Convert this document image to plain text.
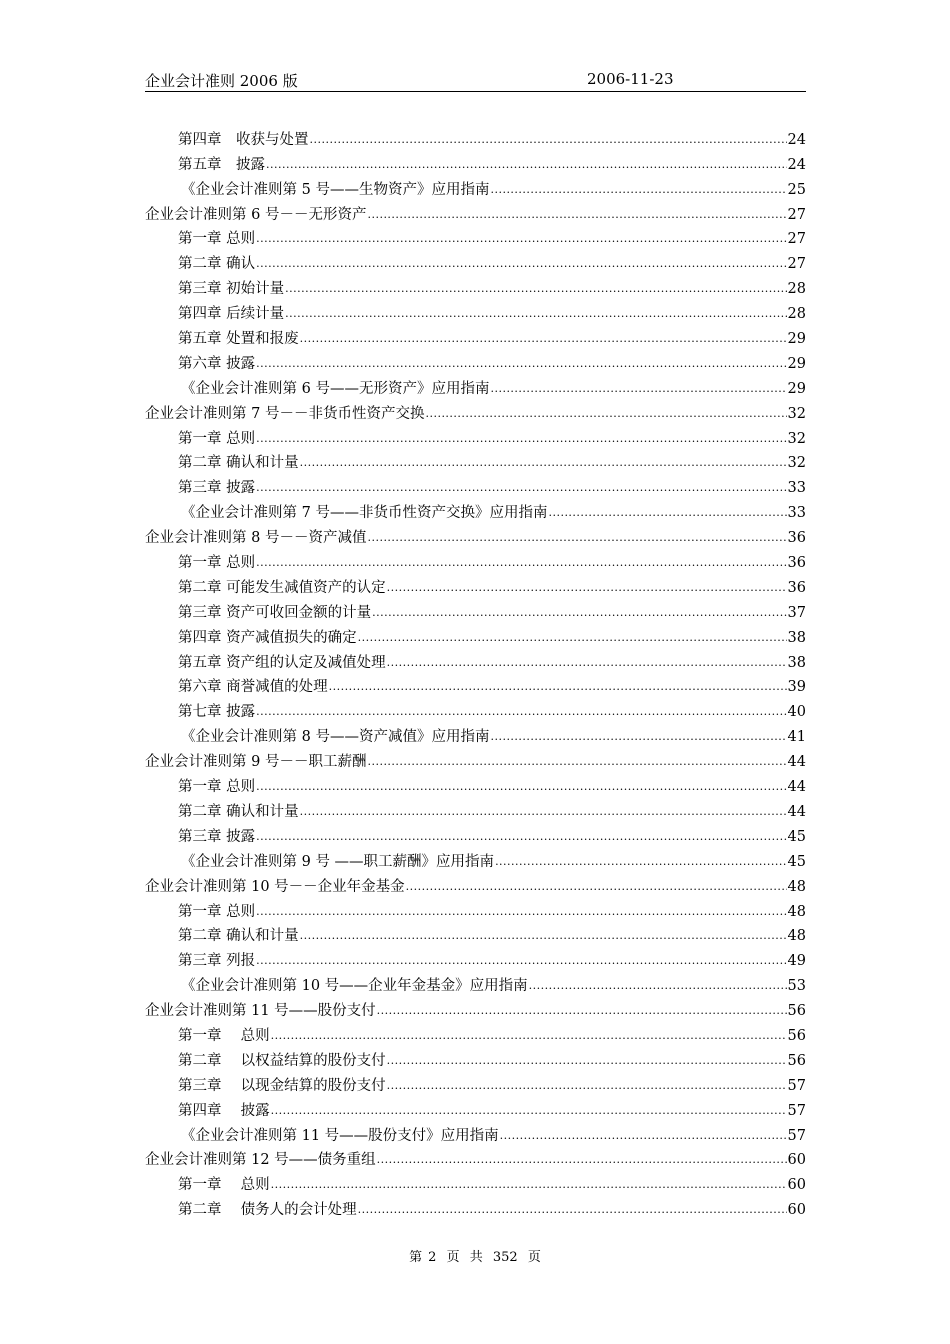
企业会计准则 2006 版	2006-11-23
第四章　收获与处置 .....	24
第五章　披露 .....	24
《企业会计准则第 5 号——生物资产》应用指南 .....	25
企业会计准则第 6 号－－无形资产 .....	27
第一章 总则 .....	27
第二章 确认 .....	27
第三章 初始计量 .....	28
第四章 后续计量 .....	28
第五章 处置和报废 .....	29
第六章 披露 .....	29
《企业会计准则第 6 号——无形资产》应用指南 .....	29
企业会计准则第 7 号－－非货币性资产交换 .....	32
第一章 总则 .....	32
第二章 确认和计量 .....	32
第三章 披露 .....	33
《企业会计准则第 7 号——非货币性资产交换》应用指南 .....	33
企业会计准则第 8 号－－资产减值 .....	36
第一章 总则 .....	36
第二章 可能发生减值资产的认定 .....	36
第三章 资产可收回金额的计量 .....	37
第四章 资产减值损失的确定 .....	38
第五章 资产组的认定及减值处理 .....	38
第六章 商誉减值的处理 .....	39
第七章 披露 .....	40
《企业会计准则第 8 号——资产减值》应用指南 .....	41
企业会计准则第 9 号－－职工薪酬 .....	44
第一章 总则 .....	44
第二章 确认和计量 .....	44
第三章 披露 .....	45
《企业会计准则第 9 号 ——职工薪酬》应用指南 .....	45
企业会计准则第 10 号－－企业年金基金 .....	48
第一章 总则 .....	48
第二章 确认和计量 .....	48
第三章 列报 .....	49
《企业会计准则第 10 号——企业年金基金》应用指南 .....	53
企业会计准则第 11 号——股份支付 .....	56
第一章　 总则 .....	56
第二章　 以权益结算的股份支付 .....	56
第三章　 以现金结算的股份支付 .....	57
第四章　 披露 .....	57
《企业会计准则第 11 号——股份支付》应用指南 .....	57
企业会计准则第 12 号——债务重组 .....	60
第一章　 总则 .....	60
第二章　 债务人的会计处理 .....	60
第 2 页 共 352 页
